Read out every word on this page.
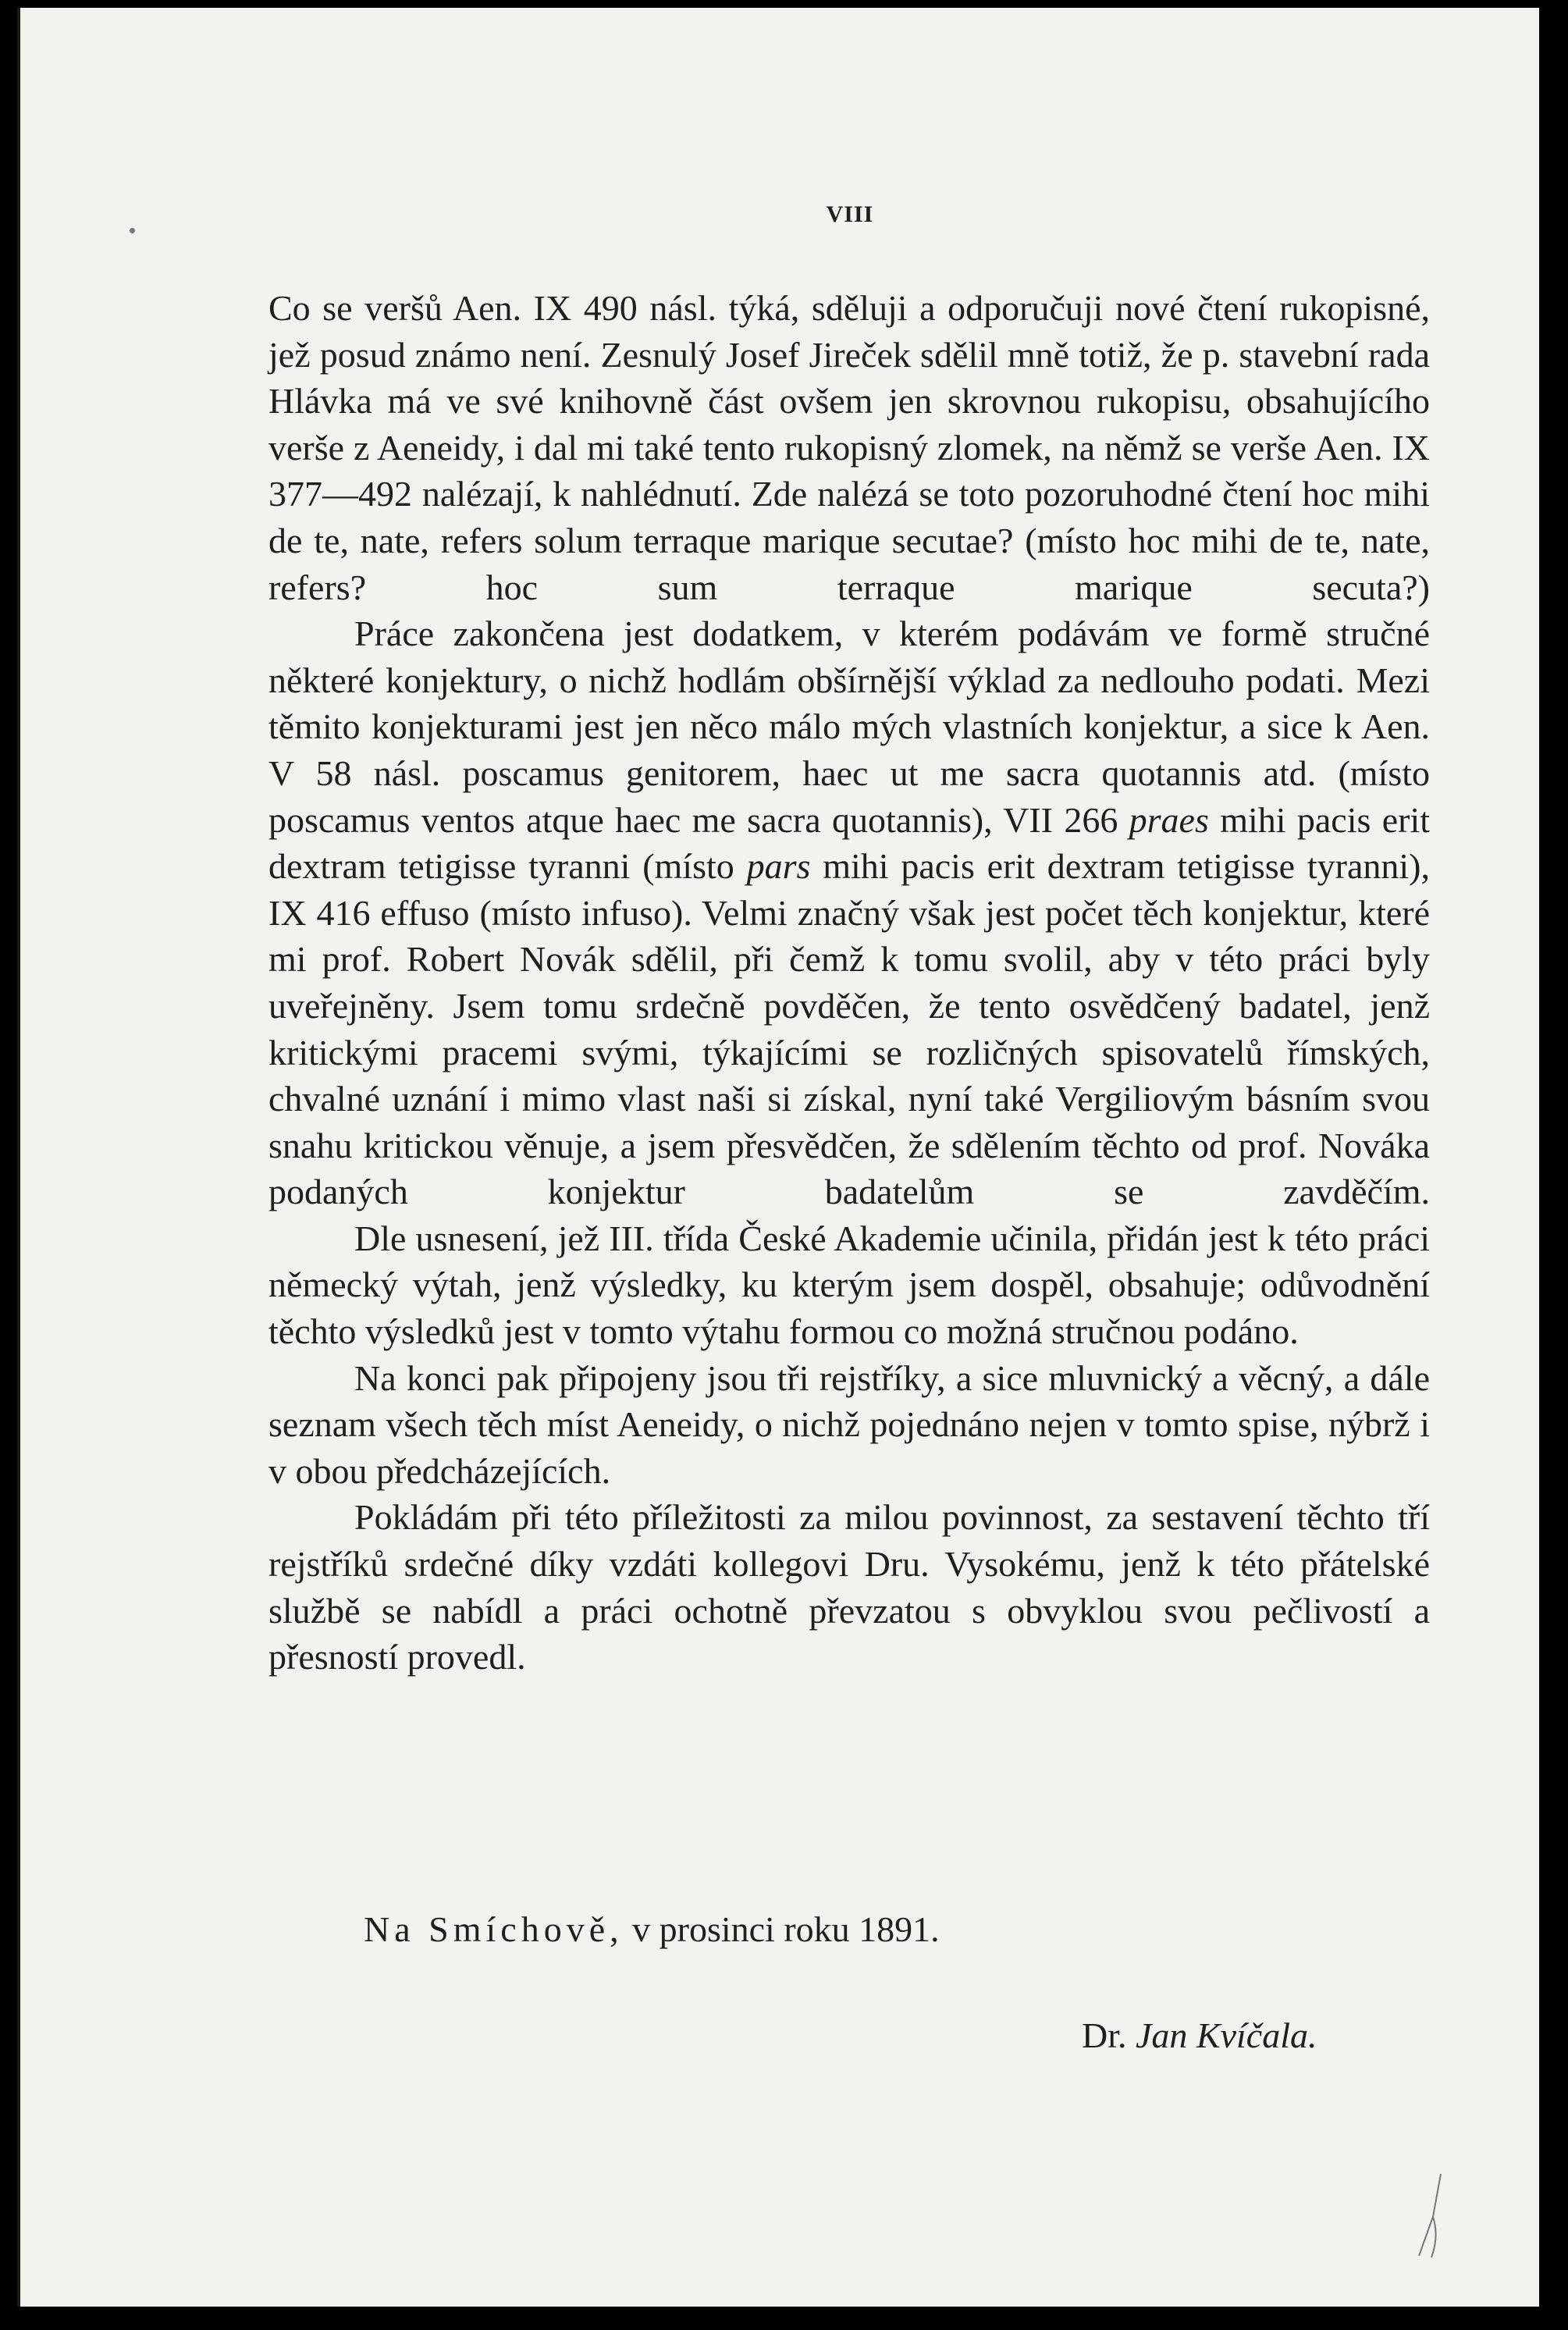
VIII

Co se veršů Aen. IX 490 násl. týká, sděluji a odporučuji nové čtení rukopisné, jež posud známo není. Zesnulý Josef Jireček sdělil mně totiž, že p. stavební rada Hlávka má ve své knihovně část ovšem jen skrovnou rukopisu, obsahujícího verše z Aeneidy, i dal mi také tento rukopisný zlomek, na němž se verše Aen. IX 377—492 nalézají, k nahlédnutí. Zde nalézá se toto pozoruhodné čtení hoc mihi de te, nate, refers solum terraque marique secutae? (místo hoc mihi de te, nate, refers? hoc sum terraque marique secuta?)

Práce zakončena jest dodatkem, v kterém podávám ve formě stručné některé konjektury, o nichž hodlám obšírnější výklad za nedlouho podati. Mezi těmito konjekturami jest jen něco málo mých vlastních konjektur, a sice k Aen. V 58 násl. poscamus genitorem, haec ut me sacra quotannis atd. (místo poscamus ventos atque haec me sacra quotannis), VII 266 praes mihi pacis erit dextram tetigisse tyranni (místo pars mihi pacis erit dextram tetigisse tyranni), IX 416 effuso (místo infuso). Velmi značný však jest počet těch konjektur, které mi prof. Robert Novák sdělil, při čemž k tomu svolil, aby v této práci byly uveřejněny. Jsem tomu srdečně povděčen, že tento osvědčený badatel, jenž kritickými pracemi svými, týkajícími se rozličných spisovatelů římských, chvalné uznání i mimo vlast naši si získal, nyní také Vergiliovým básním svou snahu kritickou věnuje, a jsem přesvědčen, že sdělením těchto od prof. Nováka podaných konjektur badatelům se zavděčím.

Dle usnesení, jež III. třída České Akademie učinila, přidán jest k této práci německý výtah, jenž výsledky, ku kterým jsem dospěl, obsahuje; odůvodnění těchto výsledků jest v tomto výtahu formou co možná stručnou podáno.

Na konci pak připojeny jsou tři rejstříky, a sice mluvnický a věcný, a dále seznam všech těch míst Aeneidy, o nichž pojednáno nejen v tomto spise, nýbrž i v obou předcházejících.

Pokládám při této příležitosti za milou povinnost, za sestavení těchto tří rejstříků srdečné díky vzdáti kollegovi Dru. Vysokému, jenž k této přátelské službě se nabídl a práci ochotně převzatou s obvyklou svou pečlivostí a přesností provedl.

Na Smíchově, v prosinci roku 1891.
Dr. Jan Kvíčala.
